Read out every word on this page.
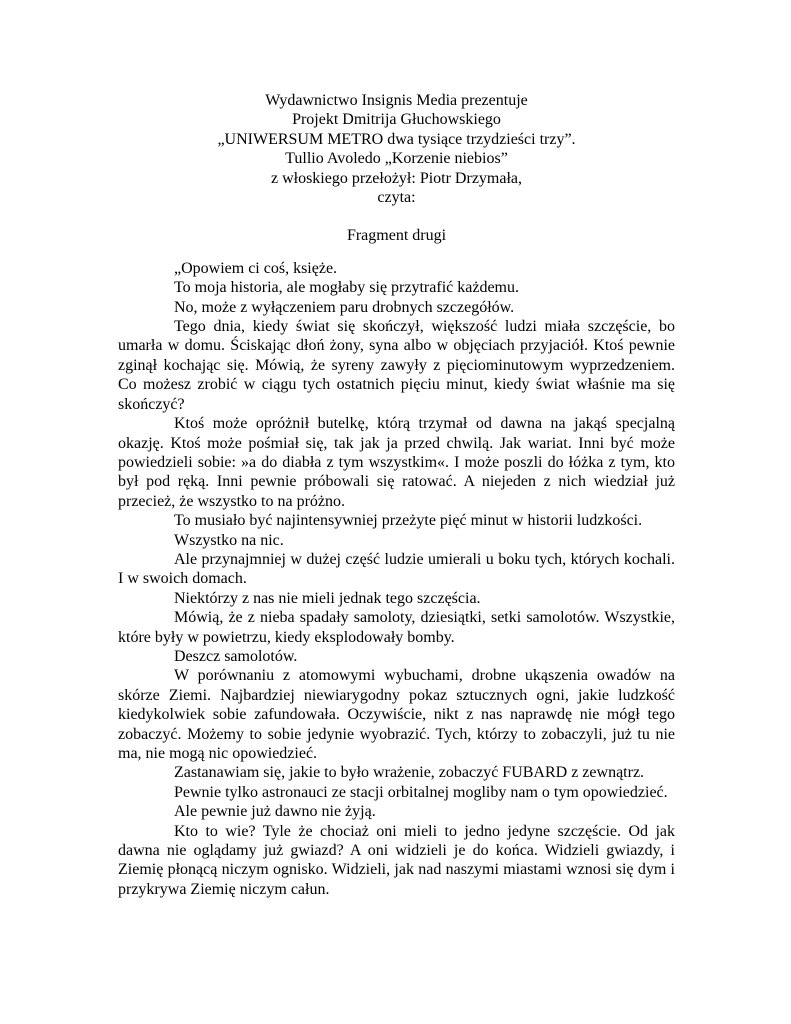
Wydawnictwo Insignis Media prezentuje
Projekt Dmitrija Głuchowskiego
„UNIWERSUM METRO dwa tysiące trzydzieści trzy”.
Tullio Avoledo „Korzenie niebios”
z włoskiego przełożył: Piotr Drzymała,
czyta:
Fragment drugi

„Opowiem ci coś, księże.

To moja historia, ale mogłaby się przytrafić każdemu.

No, może z wyłączeniem paru drobnych szczegółów.

Tego dnia, kiedy świat się skończył, większość ludzi miała szczęście, bo umarła w domu. Ściskając dłoń żony, syna albo w objęciach przyjaciół. Ktoś pewnie zginął kochając się. Mówią, że syreny zawyły z pięciominutowym wyprzedzeniem. Co możesz zrobić w ciągu tych ostatnich pięciu minut, kiedy świat właśnie ma się skończyć?

Ktoś może opróżnił butelkę, którą trzymał od dawna na jakąś specjalną okazję. Ktoś może pośmiał się, tak jak ja przed chwilą. Jak wariat. Inni być może powiedzieli sobie: »a do diabła z tym wszystkim«. I może poszli do łóżka z tym, kto był pod ręką. Inni pewnie próbowali się ratować. A niejeden z nich wiedział już przecież, że wszystko to na próżno.

To musiało być najintensywniej przeżyte pięć minut w historii ludzkości.

Wszystko na nic.

Ale przynajmniej w dużej część ludzie umierali u boku tych, których kochali. I w swoich domach.

Niektórzy z nas nie mieli jednak tego szczęścia.

Mówią, że z nieba spadały samoloty, dziesiątki, setki samolotów. Wszystkie, które były w powietrzu, kiedy eksplodowały bomby.

Deszcz samolotów.

W porównaniu z atomowymi wybuchami, drobne ukąszenia owadów na skórze Ziemi. Najbardziej niewiarygodny pokaz sztucznych ogni, jakie ludzkość kiedykolwiek sobie zafundowała. Oczywiście, nikt z nas naprawdę nie mógł tego zobaczyć. Możemy to sobie jedynie wyobrazić. Tych, którzy to zobaczyli, już tu nie ma, nie mogą nic opowiedzieć.

Zastanawiam się, jakie to było wrażenie, zobaczyć FUBARD z zewnątrz.

Pewnie tylko astronauci ze stacji orbitalnej mogliby nam o tym opowiedzieć.

Ale pewnie już dawno nie żyją.

Kto to wie? Tyle że chociaż oni mieli to jedno jedyne szczęście. Od jak dawna nie oglądamy już gwiazd? A oni widzieli je do końca. Widzieli gwiazdy, i Ziemię płonącą niczym ognisko. Widzieli, jak nad naszymi miastami wznosi się dym i przykrywa Ziemię niczym całun.
